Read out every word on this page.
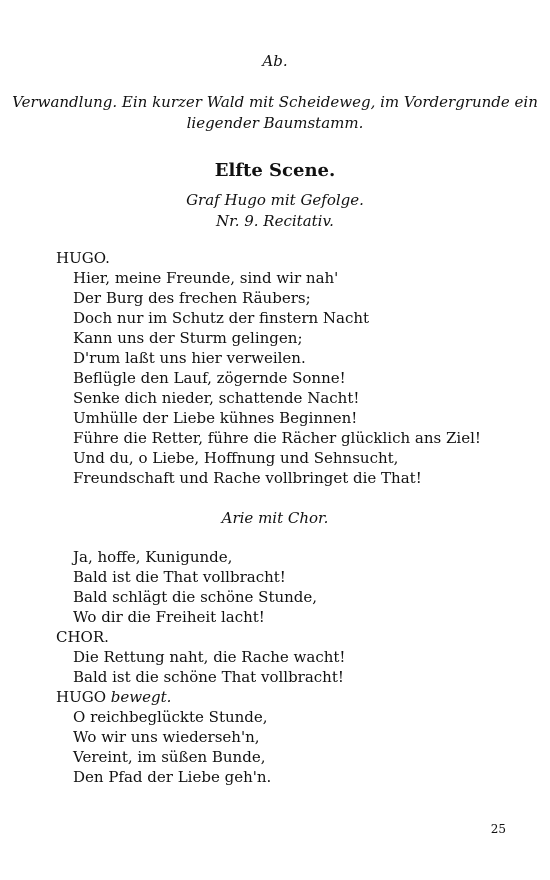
Ab.
Verwandlung. Ein kurzer Wald mit Scheideweg, im Vordergrunde ein
liegender Baumstamm.
Elfte Scene.
Graf Hugo mit Gefolge.
Nr. 9. Recitativ.
HUGO.
Hier, meine Freunde, sind wir nah'
Der Burg des frechen Räubers;
Doch nur im Schutz der finstern Nacht
Kann uns der Sturm gelingen;
D'rum laßt uns hier verweilen.
Beflügle den Lauf, zögernde Sonne!
Senke dich nieder, schattende Nacht!
Umhülle der Liebe kühnes Beginnen!
Führe die Retter, führe die Rächer glücklich ans Ziel!
Und du, o Liebe, Hoffnung und Sehnsucht,
Freundschaft und Rache vollbringet die That!
Arie mit Chor.
Ja, hoffe, Kunigunde,
Bald ist die That vollbracht!
Bald schlägt die schöne Stunde,
Wo dir die Freiheit lacht!
CHOR.
Die Rettung naht, die Rache wacht!
Bald ist die schöne That vollbracht!
HUGO bewegt.
O reichbeglückte Stunde,
Wo wir uns wiederseh'n,
Vereint, im süßen Bunde,
Den Pfad der Liebe geh'n.
25
